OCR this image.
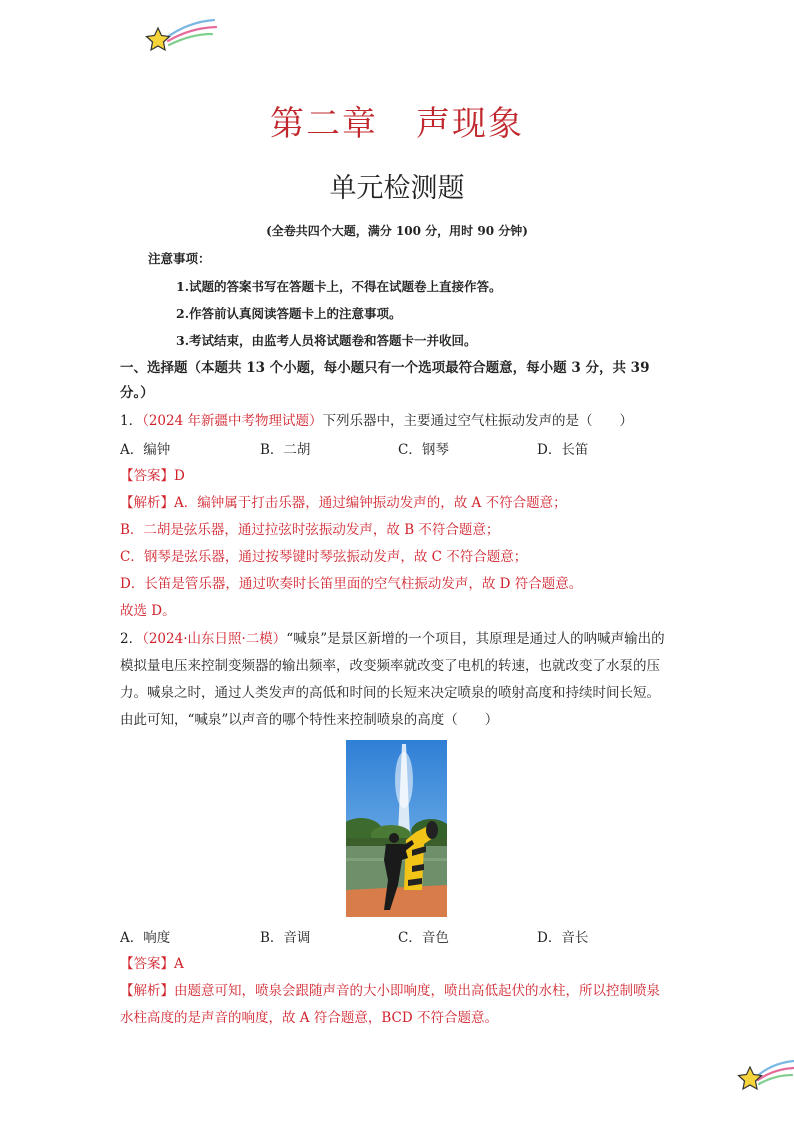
第二章 声现象
单元检测题
(全卷共四个大题，满分 100 分，用时 90 分钟)
注意事项：
1.试题的答案书写在答题卡上，不得在试题卷上直接作答。
2.作答前认真阅读答题卡上的注意事项。
3.考试结束，由监考人员将试题卷和答题卡一并收回。
一、选择题（本题共 13 个小题，每小题只有一个选项最符合题意，每小题 3 分，共 39
分。）
1．（2024 年新疆中考物理试题）下列乐器中，主要通过空气柱振动发声的是（　　）
A．编钟	B．二胡	C．钢琴	D．长笛
【答案】D
【解析】A．编钟属于打击乐器，通过编钟振动发声的，故 A 不符合题意；
B．二胡是弦乐器，通过拉弦时弦振动发声，故 B 不符合题意；
C．钢琴是弦乐器，通过按琴键时琴弦振动发声，故 C 不符合题意；
D．长笛是管乐器，通过吹奏时长笛里面的空气柱振动发声，故 D 符合题意。
故选 D。
2．（2024·山东日照·二模）“喊泉”是景区新增的一个项目，其原理是通过人的呐喊声输出的
模拟量电压来控制变频器的输出频率，改变频率就改变了电机的转速，也就改变了水泵的压
力。喊泉之时，通过人类发声的高低和时间的长短来决定喷泉的喷射高度和持续时间长短。
由此可知，“喊泉”以声音的哪个特性来控制喷泉的高度（　　）
A．响度	B．音调	C．音色	D．音长
【答案】A
【解析】由题意可知，喷泉会跟随声音的大小即响度，喷出高低起伏的水柱，所以控制喷泉
水柱高度的是声音的响度，故 A 符合题意，BCD 不符合题意。
